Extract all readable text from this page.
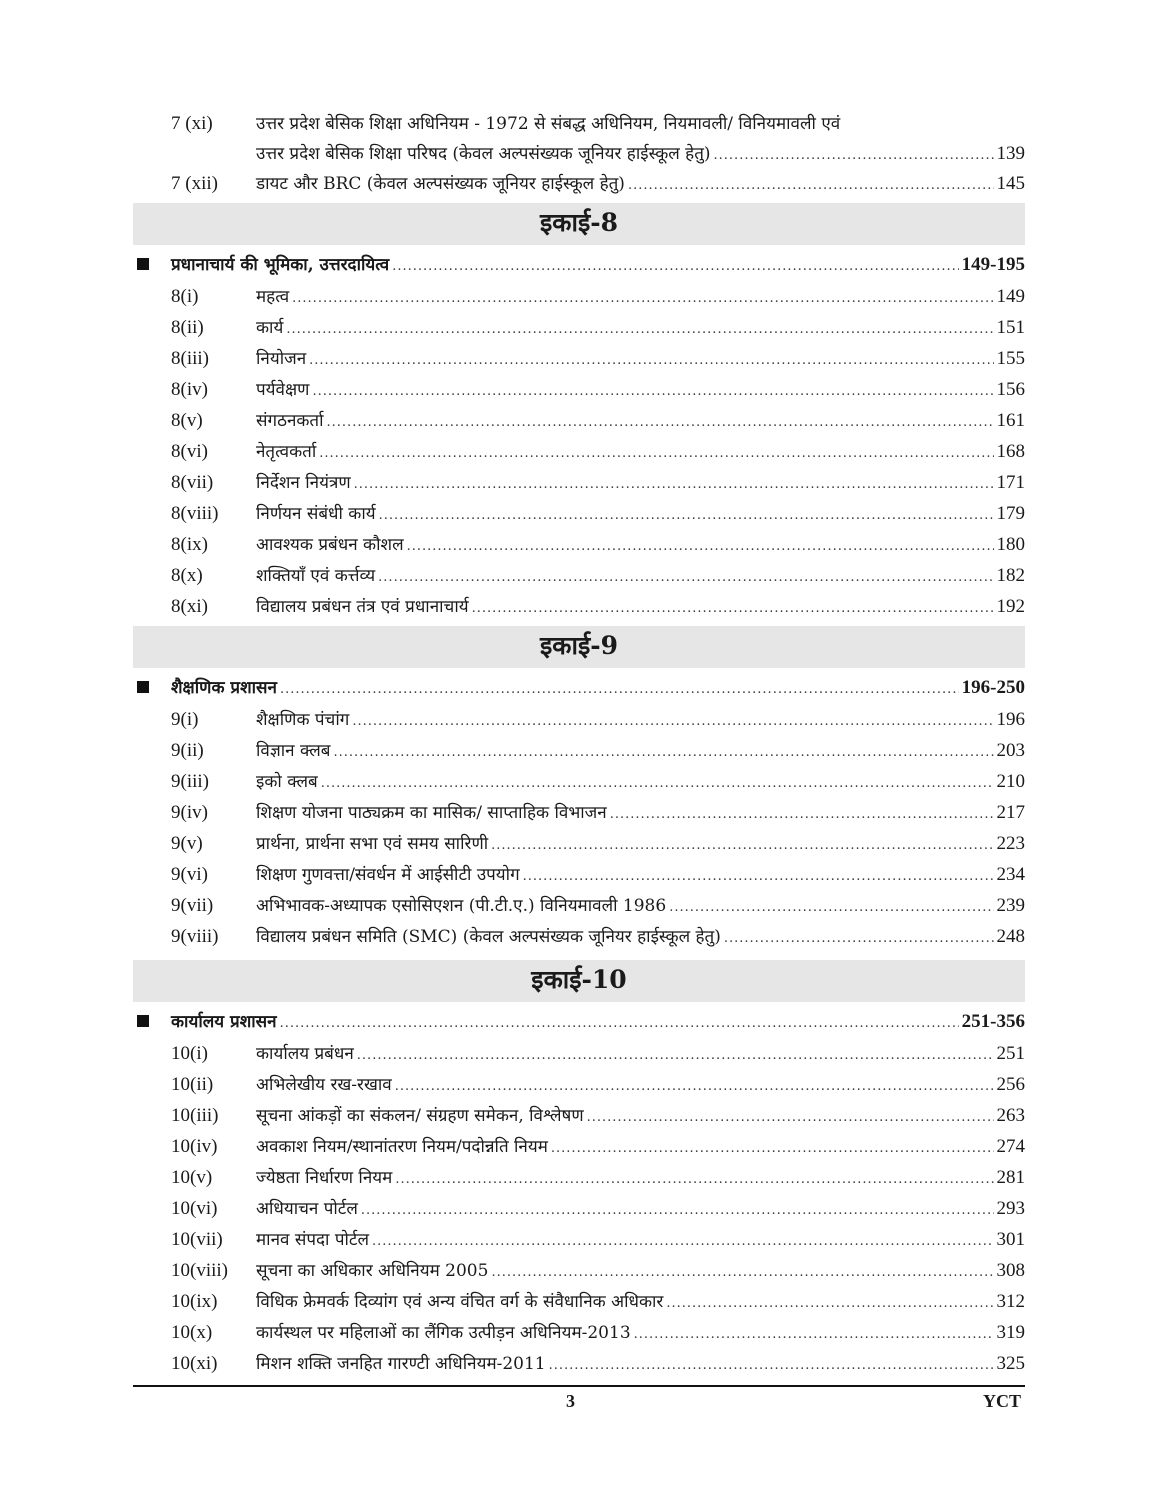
7 (xi)	उत्तर प्रदेश बेसिक शिक्षा अधिनियम - 1972 से संबद्ध अधिनियम, नियमावली/ विनियमावली एवं
उत्तर प्रदेश बेसिक शिक्षा परिषद (केवल अल्पसंख्यक जूनियर हाईस्कूल हेतु) .....	139
7 (xii)	डायट और BRC (केवल अल्पसंख्यक जूनियर हाईस्कूल हेतु) .....	145
इकाई-8
प्रधानाचार्य की भूमिका, उत्तरदायित्व .....	149-195
8(i)	महत्व .....	149
8(ii)	कार्य .....	151
8(iii)	नियोजन .....	155
8(iv)	पर्यवेक्षण .....	156
8(v)	संगठनकर्ता .....	161
8(vi)	नेतृत्वकर्ता .....	168
8(vii)	निर्देशन नियंत्रण .....	171
8(viii)	निर्णयन संबंधी कार्य .....	179
8(ix)	आवश्यक प्रबंधन कौशल .....	180
8(x)	शक्तियाँ एवं कर्त्तव्य .....	182
8(xi)	विद्यालय प्रबंधन तंत्र एवं प्रधानाचार्य .....	192
इकाई-9
शैक्षणिक प्रशासन .....	196-250
9(i)	शैक्षणिक पंचांग .....	196
9(ii)	विज्ञान क्लब .....	203
9(iii)	इको क्लब .....	210
9(iv)	शिक्षण योजना पाठ्यक्रम का मासिक/ साप्ताहिक विभाजन .....	217
9(v)	प्रार्थना, प्रार्थना सभा एवं समय सारिणी .....	223
9(vi)	शिक्षण गुणवत्ता/संवर्धन में आईसीटी उपयोग .....	234
9(vii)	अभिभावक-अध्यापक एसोसिएशन (पी.टी.ए.) विनियमावली 1986 .....	239
9(viii)	विद्यालय प्रबंधन समिति (SMC) (केवल अल्पसंख्यक जूनियर हाईस्कूल हेतु) .....	248
इकाई-10
कार्यालय प्रशासन .....	251-356
10(i)	कार्यालय प्रबंधन .....	251
10(ii)	अभिलेखीय रख-रखाव .....	256
10(iii)	सूचना आंकड़ों का संकलन/ संग्रहण समेकन, विश्लेषण .....	263
10(iv)	अवकाश नियम/स्थानांतरण नियम/पदोन्नति नियम .....	274
10(v)	ज्येष्ठता निर्धारण नियम .....	281
10(vi)	अधियाचन पोर्टल .....	293
10(vii)	मानव संपदा पोर्टल .....	301
10(viii)	सूचना का अधिकार अधिनियम 2005 .....	308
10(ix)	विधिक फ्रेमवर्क दिव्यांग एवं अन्य वंचित वर्ग के संवैधानिक अधिकार .....	312
10(x)	कार्यस्थल पर महिलाओं का लैंगिक उत्पीड़न अधिनियम-2013 .....	319
10(xi)	मिशन शक्ति जनहित गारण्टी अधिनियम-2011 .....	325
3	YCT
